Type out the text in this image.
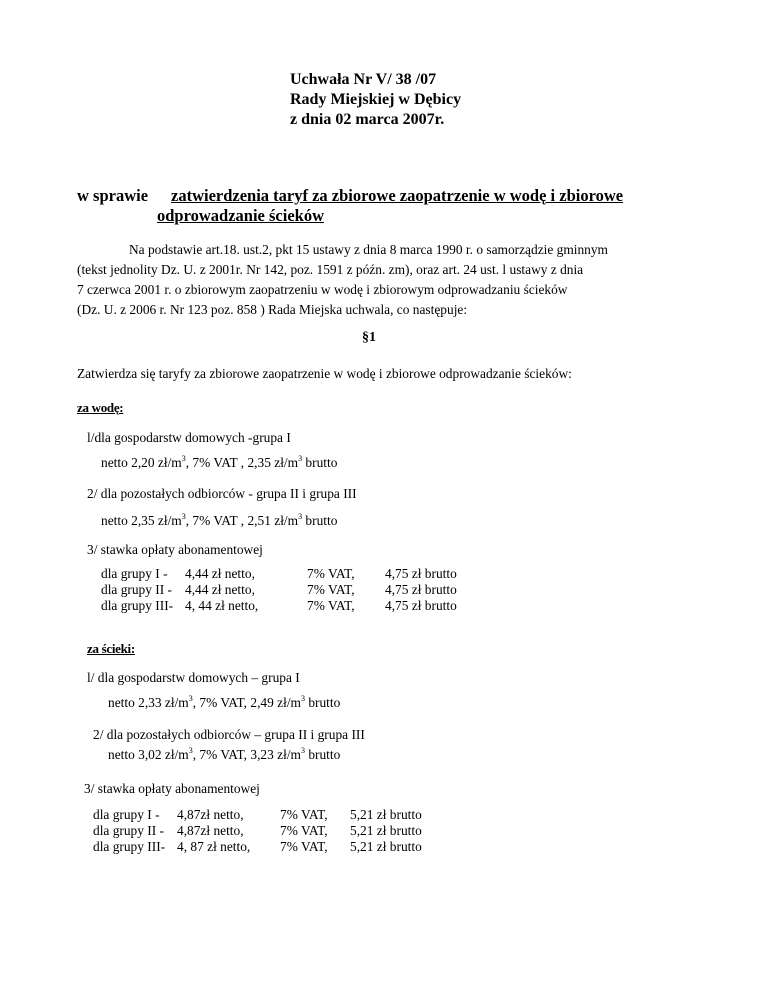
Uchwała Nr V/ 38 /07
Rady Miejskiej w Dębicy
z dnia 02 marca 2007r.
w sprawie zatwierdzenia taryf za zbiorowe zaopatrzenie w wodę i zbiorowe
odprowadzanie ścieków
Na podstawie art.18. ust.2, pkt 15 ustawy z dnia 8 marca 1990 r. o samorządzie gminnym
(tekst jednolity Dz. U. z 2001r. Nr 142, poz. 1591 z późn. zm), oraz art. 24 ust. l ustawy z dnia
7 czerwca 2001 r. o zbiorowym zaopatrzeniu w wodę i zbiorowym odprowadzaniu ścieków
(Dz. U. z 2006 r. Nr 123 poz. 858 ) Rada Miejska uchwala, co następuje:
§1
Zatwierdza się taryfy za zbiorowe zaopatrzenie w wodę i zbiorowe odprowadzanie ścieków:
za wodę:
l/dla gospodarstw domowych -grupa I
netto 2,20 $zł/m^3$, 7% VAT , 2,35 $zł/m^3$ brutto
2/ dla pozostałych odbiorców - grupa II i grupa III
netto 2,35 $zł/m^3$, 7% VAT , 2,51 $zł/m^3$ brutto
3/ stawka opłaty abonamentowej
dla grupy I -	4,44 zł netto,	7% VAT,	4,75 zł brutto
dla grupy II -	4,44 zł netto,	7% VAT,	4,75 zł brutto
dla grupy III-	4, 44 zł netto,	7% VAT,	4,75 zł brutto
za ścieki:
l/ dla gospodarstw domowych – grupa I
netto 2,33 $zł/m^3$, 7% VAT, 2,49 $zł/m^3$ brutto
2/ dla pozostałych odbiorców – grupa II i grupa III
netto 3,02 $zł/m^3$, 7% VAT, 3,23 $zł/m^3$ brutto
3/ stawka opłaty abonamentowej
dla grupy I -	4,87zł netto,	7% VAT,	5,21 zł brutto
dla grupy II -	4,87zł netto,	7% VAT,	5,21 zł brutto
dla grupy III-	4, 87 zł netto,	7% VAT,	5,21 zł brutto
